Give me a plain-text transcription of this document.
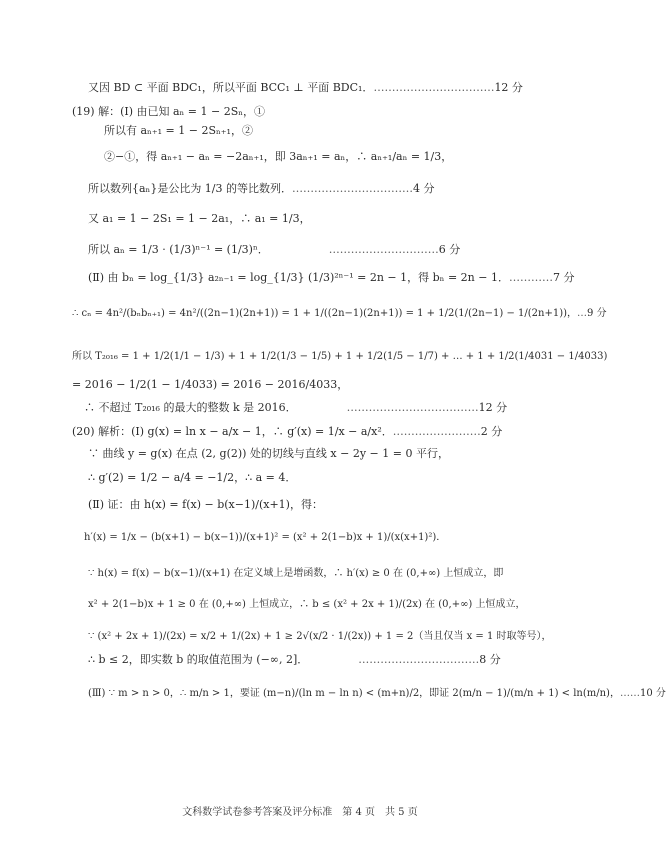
又因 BD ⊂ 平面 BDC₁，所以平面 BCC₁ ⊥ 平面 BDC₁．……………………………12 分
(19) 解：(Ⅰ) 由已知 aₙ = 1 − 2Sₙ，①
所以有 aₙ₊₁ = 1 − 2Sₙ₊₁，②
②−①，得 aₙ₊₁ − aₙ = −2aₙ₊₁，即 3aₙ₊₁ = aₙ，∴ aₙ₊₁/aₙ = 1/3，
所以数列{aₙ}是公比为 1/3 的等比数列．……………………………4 分
又 a₁ = 1 − 2S₁ = 1 − 2a₁，∴ a₁ = 1/3，
所以 aₙ = 1/3 · (1/3)ⁿ⁻¹ = (1/3)ⁿ．	…………………………6 分
(Ⅱ) 由 bₙ = log_{1/3} a₂ₙ₋₁ = log_{1/3} (1/3)²ⁿ⁻¹ = 2n − 1，得 bₙ = 2n − 1．…………7 分
∴ cₙ = 4n²/(bₙbₙ₊₁) = 4n²/((2n−1)(2n+1)) = 1 + 1/((2n−1)(2n+1)) = 1 + 1/2(1/(2n−1) − 1/(2n+1))，…9 分
所以 T₂₀₁₆ = 1 + 1/2(1/1 − 1/3) + 1 + 1/2(1/3 − 1/5) + 1 + 1/2(1/5 − 1/7) + … + 1 + 1/2(1/4031 − 1/4033)
= 2016 − 1/2(1 − 1/4033) = 2016 − 2016/4033，
∴ 不超过 T₂₀₁₆ 的最大的整数 k 是 2016．	………………………………12 分
(20) 解析：(Ⅰ) g(x) = ln x − a/x − 1，∴ g′(x) = 1/x − a/x²．……………………2 分
∵ 曲线 y = g(x) 在点 (2, g(2)) 处的切线与直线 x − 2y − 1 = 0 平行，
∴ g′(2) = 1/2 − a/4 = −1/2，∴ a = 4．
(Ⅱ) 证：由 h(x) = f(x) − b(x−1)/(x+1)，得：
h′(x) = 1/x − (b(x+1) − b(x−1))/(x+1)² = (x² + 2(1−b)x + 1)/(x(x+1)²)．
∵ h(x) = f(x) − b(x−1)/(x+1) 在定义域上是增函数，∴ h′(x) ≥ 0 在 (0,+∞) 上恒成立，即
x² + 2(1−b)x + 1 ≥ 0 在 (0,+∞) 上恒成立，∴ b ≤ (x² + 2x + 1)/(2x) 在 (0,+∞) 上恒成立，
∵ (x² + 2x + 1)/(2x) = x/2 + 1/(2x) + 1 ≥ 2√(x/2 · 1/(2x)) + 1 = 2（当且仅当 x = 1 时取等号），
∴ b ≤ 2，即实数 b 的取值范围为 (−∞, 2]．	……………………………8 分
(Ⅲ) ∵ m > n > 0，∴ m/n > 1，要证 (m−n)/(ln m − ln n) < (m+n)/2，即证 2(m/n − 1)/(m/n + 1) < ln(m/n)，……10 分
文科数学试卷参考答案及评分标准　第 4 页　共 5 页
